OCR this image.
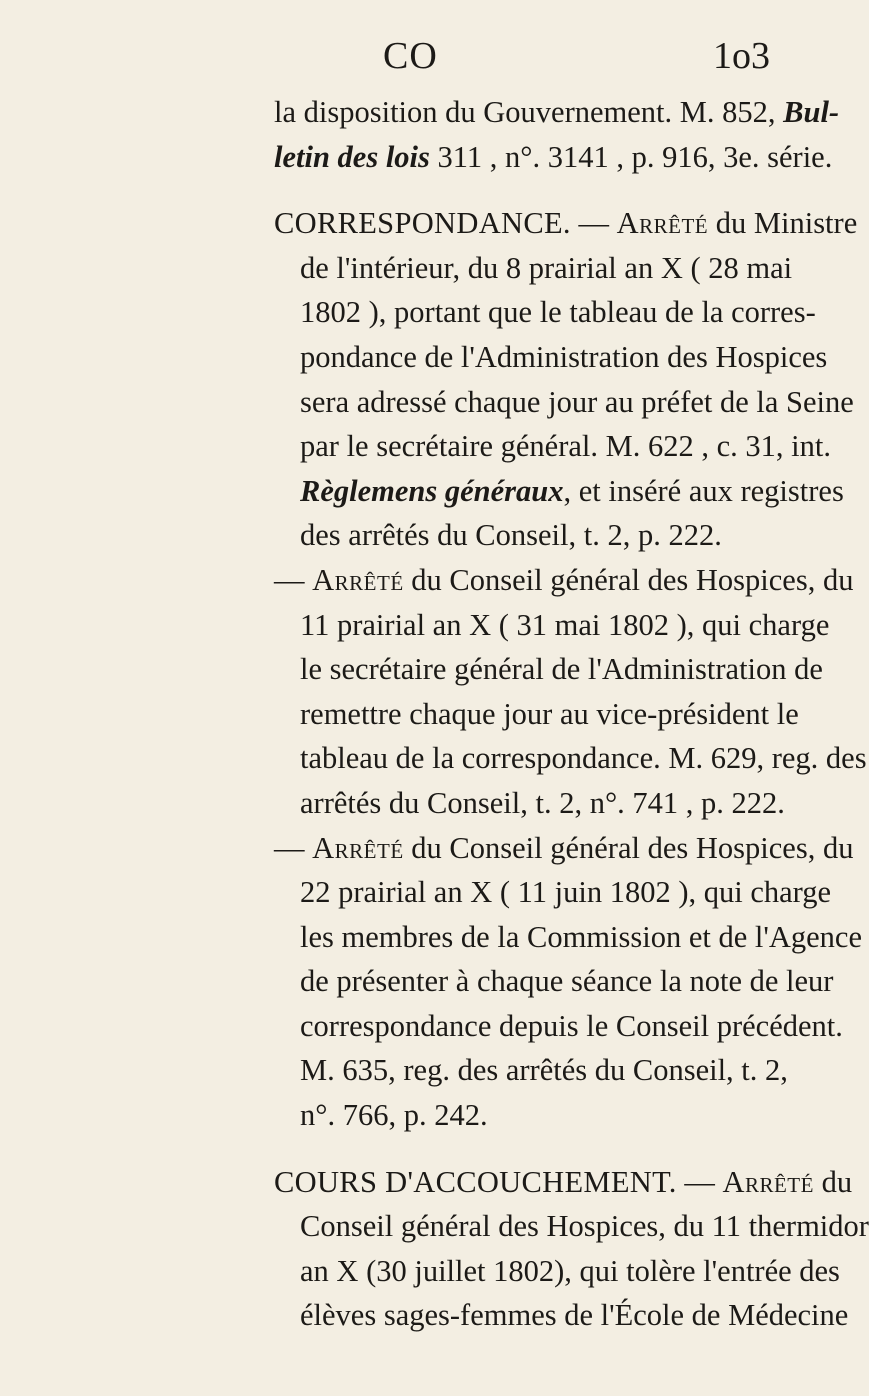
CO	1o3
la disposition du Gouvernement. M. 852, Bul-
letin des lois 311 , n°. 3141 , p. 916, 3e. série.
CORRESPONDANCE. — Arrêté du Ministre
de l'intérieur, du 8 prairial an X ( 28 mai
1802 ), portant que le tableau de la corres-
pondance de l'Administration des Hospices
sera adressé chaque jour au préfet de la Seine
par le secrétaire général. M. 622 , c. 31, int.
Règlemens généraux, et inséré aux registres
des arrêtés du Conseil, t. 2, p. 222.
— Arrêté du Conseil général des Hospices, du
11 prairial an X ( 31 mai 1802 ), qui charge
le secrétaire général de l'Administration de
remettre chaque jour au vice-président le
tableau de la correspondance. M. 629, reg. des
arrêtés du Conseil, t. 2, n°. 741 , p. 222.
— Arrêté du Conseil général des Hospices, du
22 prairial an X ( 11 juin 1802 ), qui charge
les membres de la Commission et de l'Agence
de présenter à chaque séance la note de leur
correspondance depuis le Conseil précédent.
M. 635, reg. des arrêtés du Conseil, t. 2,
n°. 766, p. 242.
COURS D'ACCOUCHEMENT. — Arrêté du
Conseil général des Hospices, du 11 thermidor
an X (30 juillet 1802), qui tolère l'entrée des
élèves sages-femmes de l'École de Médecine
